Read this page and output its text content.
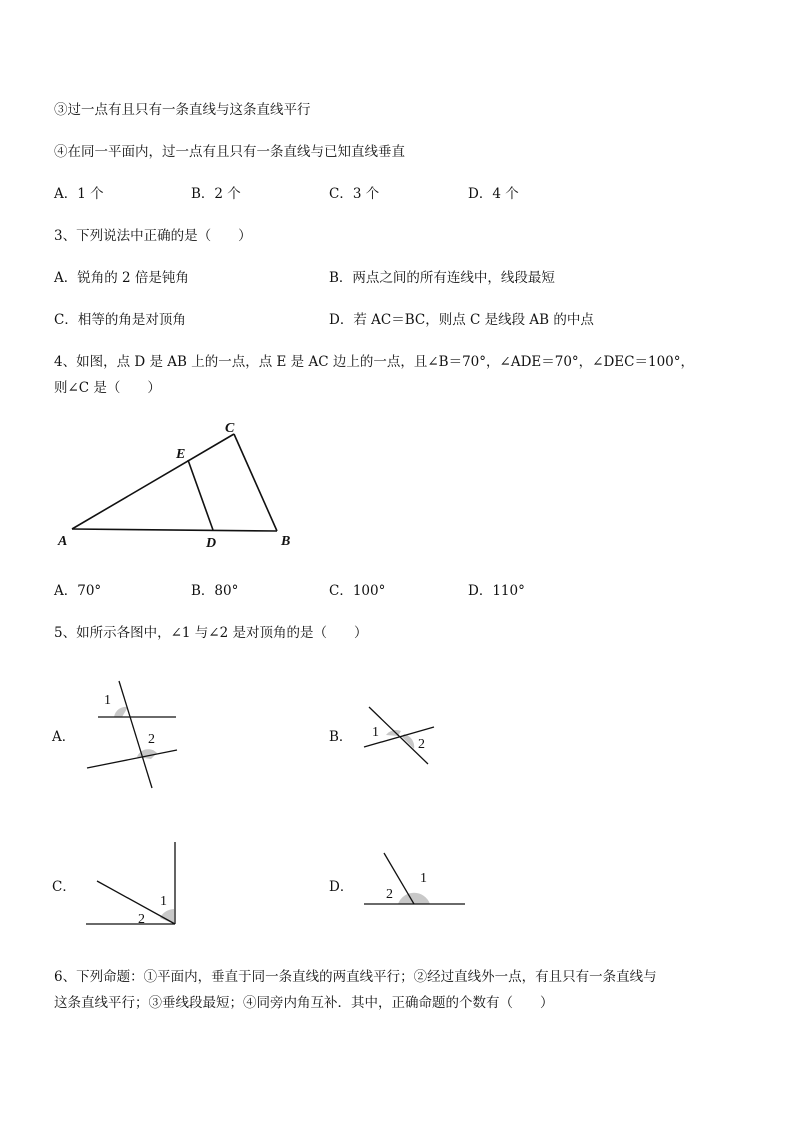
③过一点有且只有一条直线与这条直线平行
④在同一平面内，过一点有且只有一条直线与已知直线垂直
A．1 个	B．2 个	C．3 个	D．4 个
3、下列说法中正确的是（　　）
A．锐角的 2 倍是钝角	B．两点之间的所有连线中，线段最短
C．相等的角是对顶角	D．若 AC＝BC，则点 C 是线段 AB 的中点
4、如图，点 D 是 AB 上的一点，点 E 是 AC 边上的一点，且∠B＝70°，∠ADE＝70°，∠DEC＝100°，
则∠C 是（　　）
A	B
C
D
E
A．70°	B．80°	C．100°	D．110°
5、如所示各图中，∠1 与∠2 是对顶角的是（　　）
A．	B．
C．	D．
1
2	1
2
1
2
1
2
6、下列命题：①平面内，垂直于同一条直线的两直线平行；②经过直线外一点，有且只有一条直线与
这条直线平行；③垂线段最短；④同旁内角互补．其中，正确命题的个数有（　　）
